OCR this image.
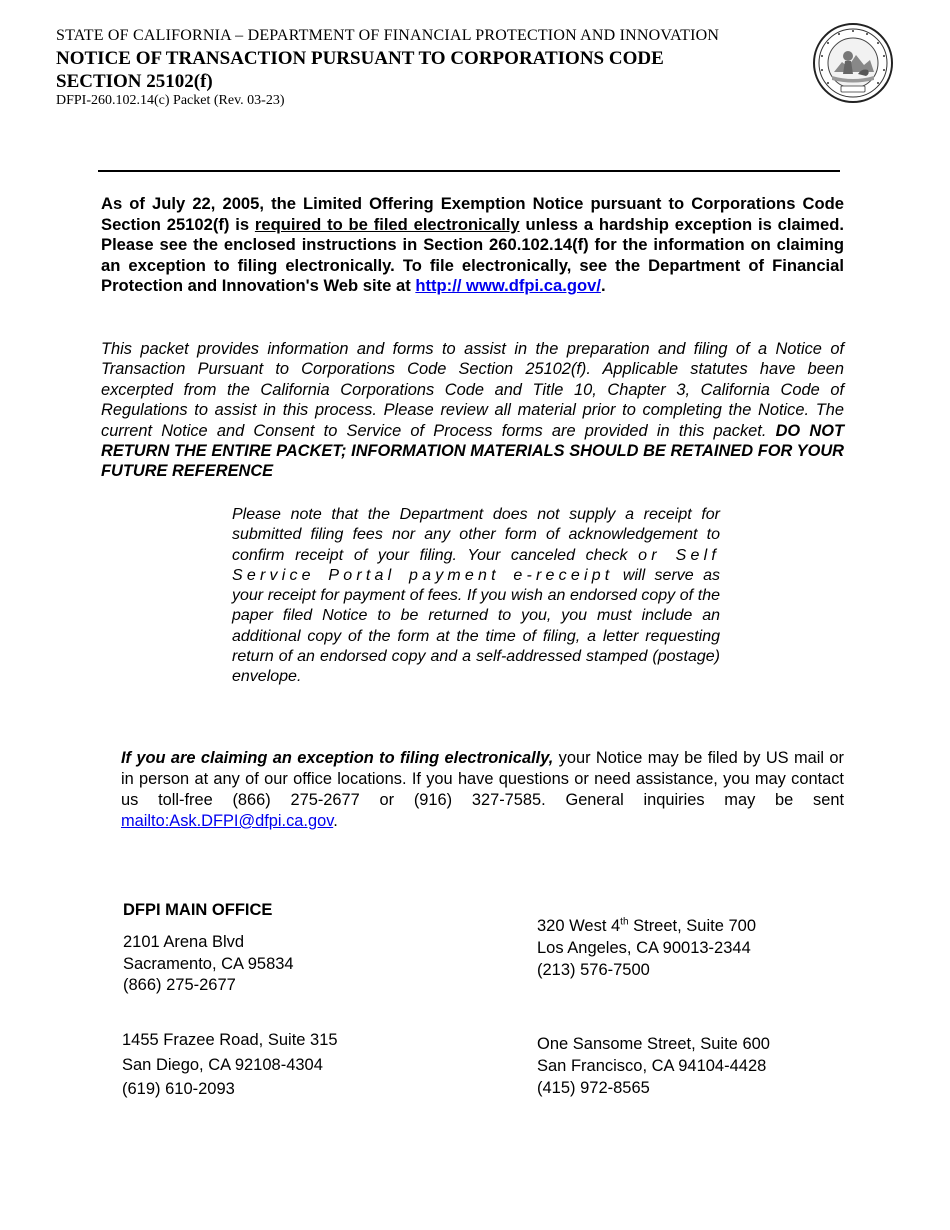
STATE OF CALIFORNIA – DEPARTMENT OF FINANCIAL PROTECTION AND INNOVATION
NOTICE OF TRANSACTION PURSUANT TO CORPORATIONS CODE
SECTION 25102(f)
DFPI-260.102.14(c) Packet (Rev. 03-23)
As of July 22, 2005, the Limited Offering Exemption Notice pursuant to Corporations Code Section 25102(f) is required to be filed electronically unless a hardship exception is claimed. Please see the enclosed instructions in Section 260.102.14(f) for the information on claiming an exception to filing electronically. To file electronically, see the Department of Financial Protection and Innovation's Web site at http:// www.dfpi.ca.gov/.
This packet provides information and forms to assist in the preparation and filing of a Notice of Transaction Pursuant to Corporations Code Section 25102(f). Applicable statutes have been excerpted from the California Corporations Code and Title 10, Chapter 3, California Code of Regulations to assist in this process. Please review all material prior to completing the Notice. The current Notice and Consent to Service of Process forms are provided in this packet. DO NOT RETURN THE ENTIRE PACKET; INFORMATION MATERIALS SHOULD BE RETAINED FOR YOUR FUTURE REFERENCE
Please note that the Department does not supply a receipt for submitted filing fees nor any other form of acknowledgement to confirm receipt of your filing. Your canceled check or Self Service Portal payment e-receipt will serve as your receipt for payment of fees. If you wish an endorsed copy of the paper filed Notice to be returned to you, you must include an additional copy of the form at the time of filing, a letter requesting return of an endorsed copy and a self-addressed stamped (postage) envelope.
If you are claiming an exception to filing electronically, your Notice may be filed by US mail or in person at any of our office locations. If you have questions or need assistance, you may contact us toll-free (866) 275-2677 or (916) 327-7585. General inquiries may be sent mailto:Ask.DFPI@dfpi.ca.gov.
DFPI MAIN OFFICE
2101 Arena Blvd
Sacramento, CA 95834
(866) 275-2677
320 West 4th Street, Suite 700
Los Angeles, CA 90013-2344
(213) 576-7500
1455 Frazee Road, Suite 315
San Diego, CA 92108-4304
(619) 610-2093
One Sansome Street, Suite 600
San Francisco, CA 94104-4428
(415) 972-8565
